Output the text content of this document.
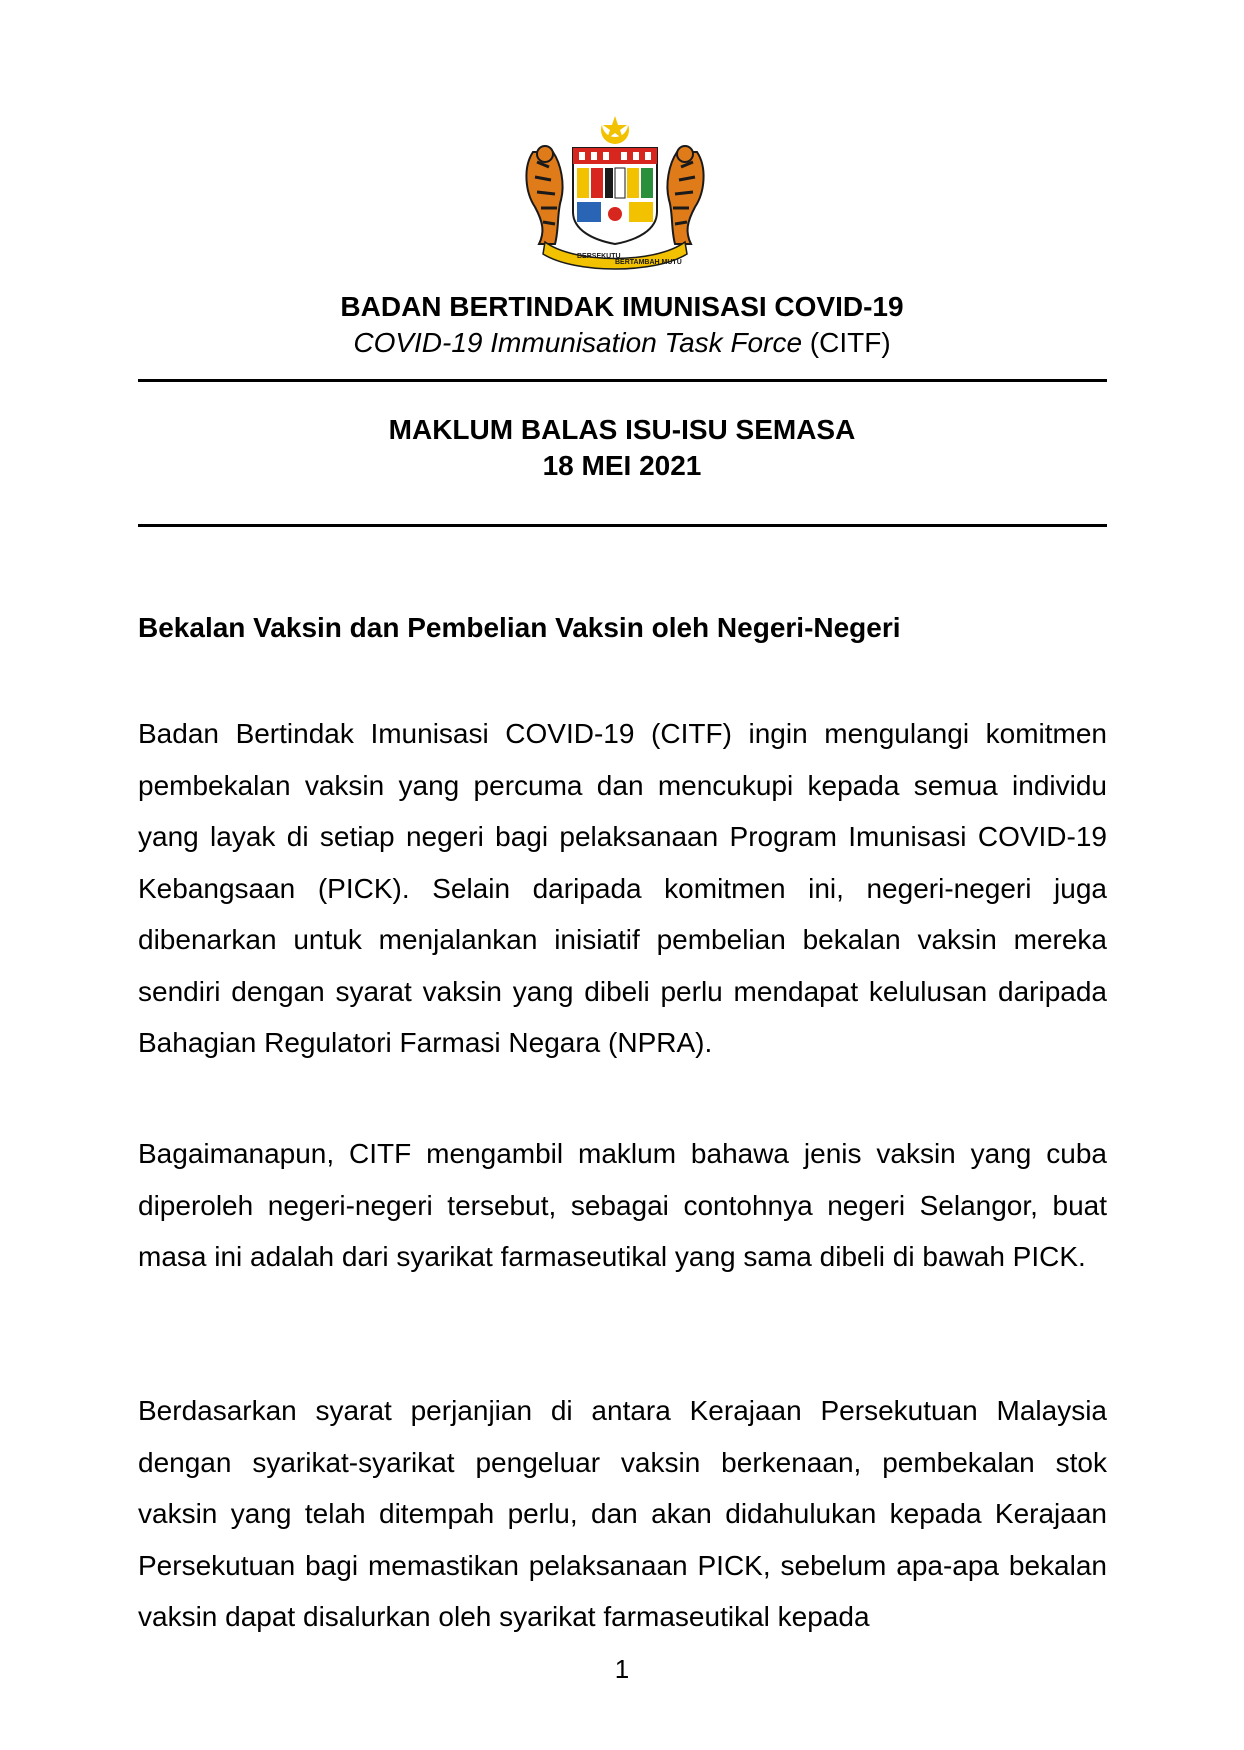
BERSEKUTU
BERTAMBAH MUTU
BADAN BERTINDAK IMUNISASI COVID-19
COVID-19 Immunisation Task Force (CITF)
MAKLUM BALAS ISU-ISU SEMASA
18 MEI 2021
Bekalan Vaksin dan Pembelian Vaksin oleh Negeri-Negeri

Badan Bertindak Imunisasi COVID-19 (CITF) ingin mengulangi komitmen pembekalan vaksin yang percuma dan mencukupi kepada semua individu yang layak di setiap negeri bagi pelaksanaan Program Imunisasi COVID-19 Kebangsaan (PICK). Selain daripada komitmen ini, negeri-negeri juga dibenarkan untuk menjalankan inisiatif pembelian bekalan vaksin mereka sendiri dengan syarat vaksin yang dibeli perlu mendapat kelulusan daripada Bahagian Regulatori Farmasi Negara (NPRA).

Bagaimanapun, CITF mengambil maklum bahawa jenis vaksin yang cuba diperoleh negeri-negeri tersebut, sebagai contohnya negeri Selangor, buat masa ini adalah dari syarikat farmaseutikal yang sama dibeli di bawah PICK.

Berdasarkan syarat perjanjian di antara Kerajaan Persekutuan Malaysia dengan syarikat-syarikat pengeluar vaksin berkenaan, pembekalan stok vaksin yang telah ditempah perlu, dan akan didahulukan kepada Kerajaan Persekutuan bagi memastikan pelaksanaan PICK, sebelum apa-apa bekalan vaksin dapat disalurkan oleh syarikat farmaseutikal kepada

1
